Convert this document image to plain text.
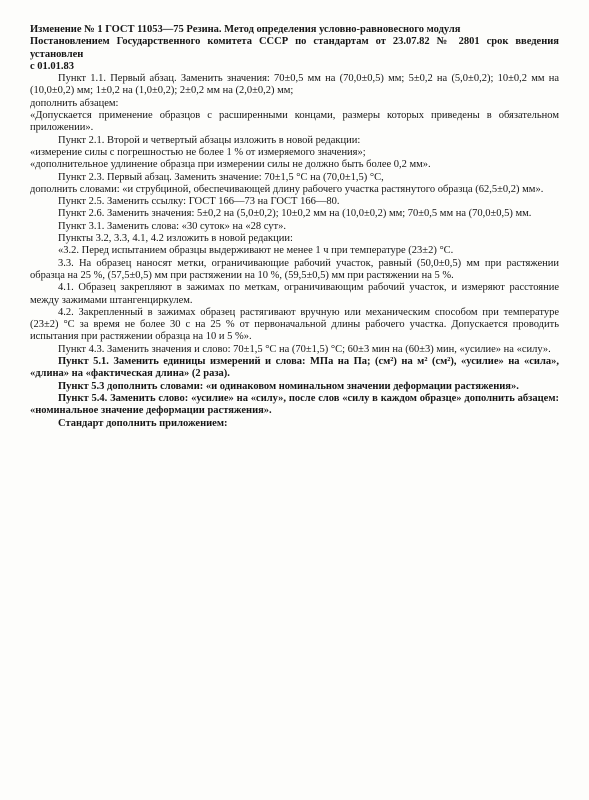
Изменение № 1 ГОСТ 11053—75 Резина. Метод определения условно-равновесного модуля

Постановлением Государственного комитета СССР по стандартам от 23.07.82 № 2801 срок введения установлен

с 01.01.83

Пункт 1.1. Первый абзац. Заменить значения: 70±0,5 мм на (70,0±0,5) мм; 5±0,2 на (5,0±0,2); 10±0,2 мм на (10,0±0,2) мм; 1±0,2 на (1,0±0,2); 2±0,2 мм на (2,0±0,2) мм;

дополнить абзацем:

«Допускается применение образцов с расширенными концами, размеры которых приведены в обязательном приложении».

Пункт 2.1. Второй и четвертый абзацы изложить в новой редакции:

«измерение силы с погрешностью не более 1 % от измеряемого значения»;

«дополнительное удлинение образца при измерении силы не должно быть более 0,2 мм».

Пункт 2.3. Первый абзац. Заменить значение: 70±1,5 °С на (70,0±1,5) °С,

дополнить словами: «и струбциной, обеспечивающей длину рабочего участка растянутого образца (62,5±0,2) мм».

Пункт 2.5. Заменить ссылку: ГОСТ 166—73 на ГОСТ 166—80.

Пункт 2.6. Заменить значения: 5±0,2 на (5,0±0,2); 10±0,2 мм на (10,0±0,2) мм; 70±0,5 мм на (70,0±0,5) мм.

Пункт 3.1. Заменить слова: «30 суток» на «28 сут».

Пункты 3.2, 3.3, 4.1, 4.2 изложить в новой редакции:

«3.2. Перед испытанием образцы выдерживают не менее 1 ч при температуре (23±2) °С.

3.3. На образец наносят метки, ограничивающие рабочий участок, равный (50,0±0,5) мм при растяжении образца на 25 %, (57,5±0,5) мм при растяжении на 10 %, (59,5±0,5) мм при растяжении на 5 %.

4.1. Образец закрепляют в зажимах по меткам, ограничивающим рабочий участок, и измеряют расстояние между зажимами штангенциркулем.

4.2. Закрепленный в зажимах образец растягивают вручную или механическим способом при температуре (23±2) °С за время не более 30 с на 25 % от первоначальной длины рабочего участка. Допускается проводить испытания при растяжении образца на 10 и 5 %».

Пункт 4.3. Заменить значения и слово: 70±1,5 °С на (70±1,5) °С; 60±3 мин на (60±3) мин, «усилие» на «силу».

Пункт 5.1. Заменить единицы измерений и слова: МПа на Па; (см²) на м² (см²), «усилие» на «сила», «длина» на «фактическая длина» (2 раза).

Пункт 5.3 дополнить словами: «и одинаковом номинальном значении деформации растяжения».

Пункт 5.4. Заменить слово: «усилие» на «силу», после слов «силу в каждом образце» дополнить абзацем: «номинальное значение деформации растяжения».

Стандарт дополнить приложением:
